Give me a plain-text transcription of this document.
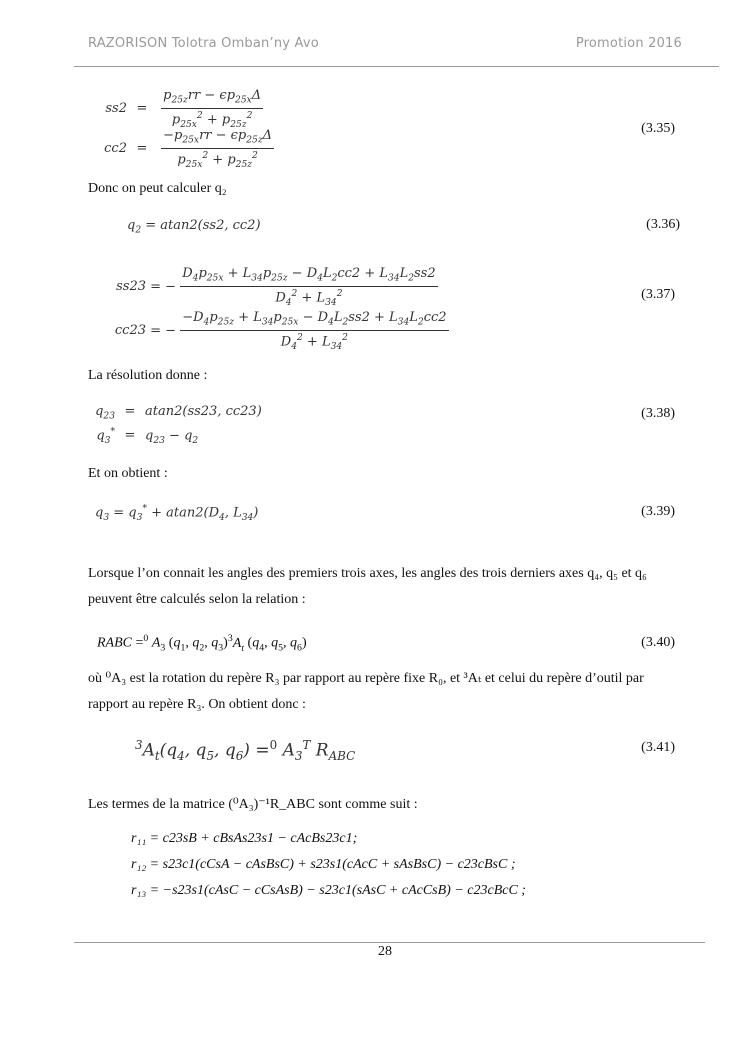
RAZORISON Tolotra Omban’ny Avo	Promotion 2016
$ss2 = \frac{p_{25z}rr - \epsilon p_{25x}\Delta}{p_{25x}^2 + p_{25z}^2}$
$cc2 = \frac{-p_{25x}rr - \epsilon p_{25z}\Delta}{p_{25x}^2 + p_{25z}^2}$	(3.35)
Donc on peut calculer q₂
$q_2 = atan2(ss2$, cc2)	(3.36)
ss23 = − $\frac{D_4p_{25x} + L_{34}p_{25z} - D_4L_2cc2 + L_{34}L_2ss2}{D_4^2 + L_{34}^2}$
cc23 = − $\frac{-D_4p_{25z} + L_{34}p_{25x} - D_4L_2ss2 + L_{34}L_2cc2}{D_4^2 + L_{34}^2}$
(3.37)
La résolution donne :
$q_{23} = atan2(ss23$, cc23)
$q_3^* = q_{23} - q_2$
(3.38)
Et on obtient :
$q_3 = q_3^* + atan2(D_4$, $L_{34}$)	(3.39)
Lorsque l’on connait les angles des premiers trois axes, les angles des trois derniers axes q₄, q₅ et q₆ peuvent être calculés selon la relation :
RABC =$^0$ $A_3$ ($q_1$, $q_2$, $q_3)^3A_t$ ($q_4$, $q_5$, $q_6$)	(3.40)
où ⁰A₃ est la rotation du repère R₃ par rapport au repère fixe R₀, et ³Aₜ et celui du repère d’outil par rapport au repère R₃. On obtient donc :
$^3A_t(q_4$, $q_5$, $q_6) =^0$ $A_3^T$ $R_{ABC}$
(3.41)
Les termes de la matrice (⁰A₃)⁻¹R_ABC sont comme suit :
r₁₁ = c23sB + cBsAs23s1 − cAcBs23c1;
r₁₂ = s23c1(cCsA − cAsBsC) + s23s1(cAcC + sAsBsC) − c23cBsC ;
r₁₃ = −s23s1(cAsC − cCsAsB) − s23c1(sAsC + cAcCsB) − c23cBcC ;
28
